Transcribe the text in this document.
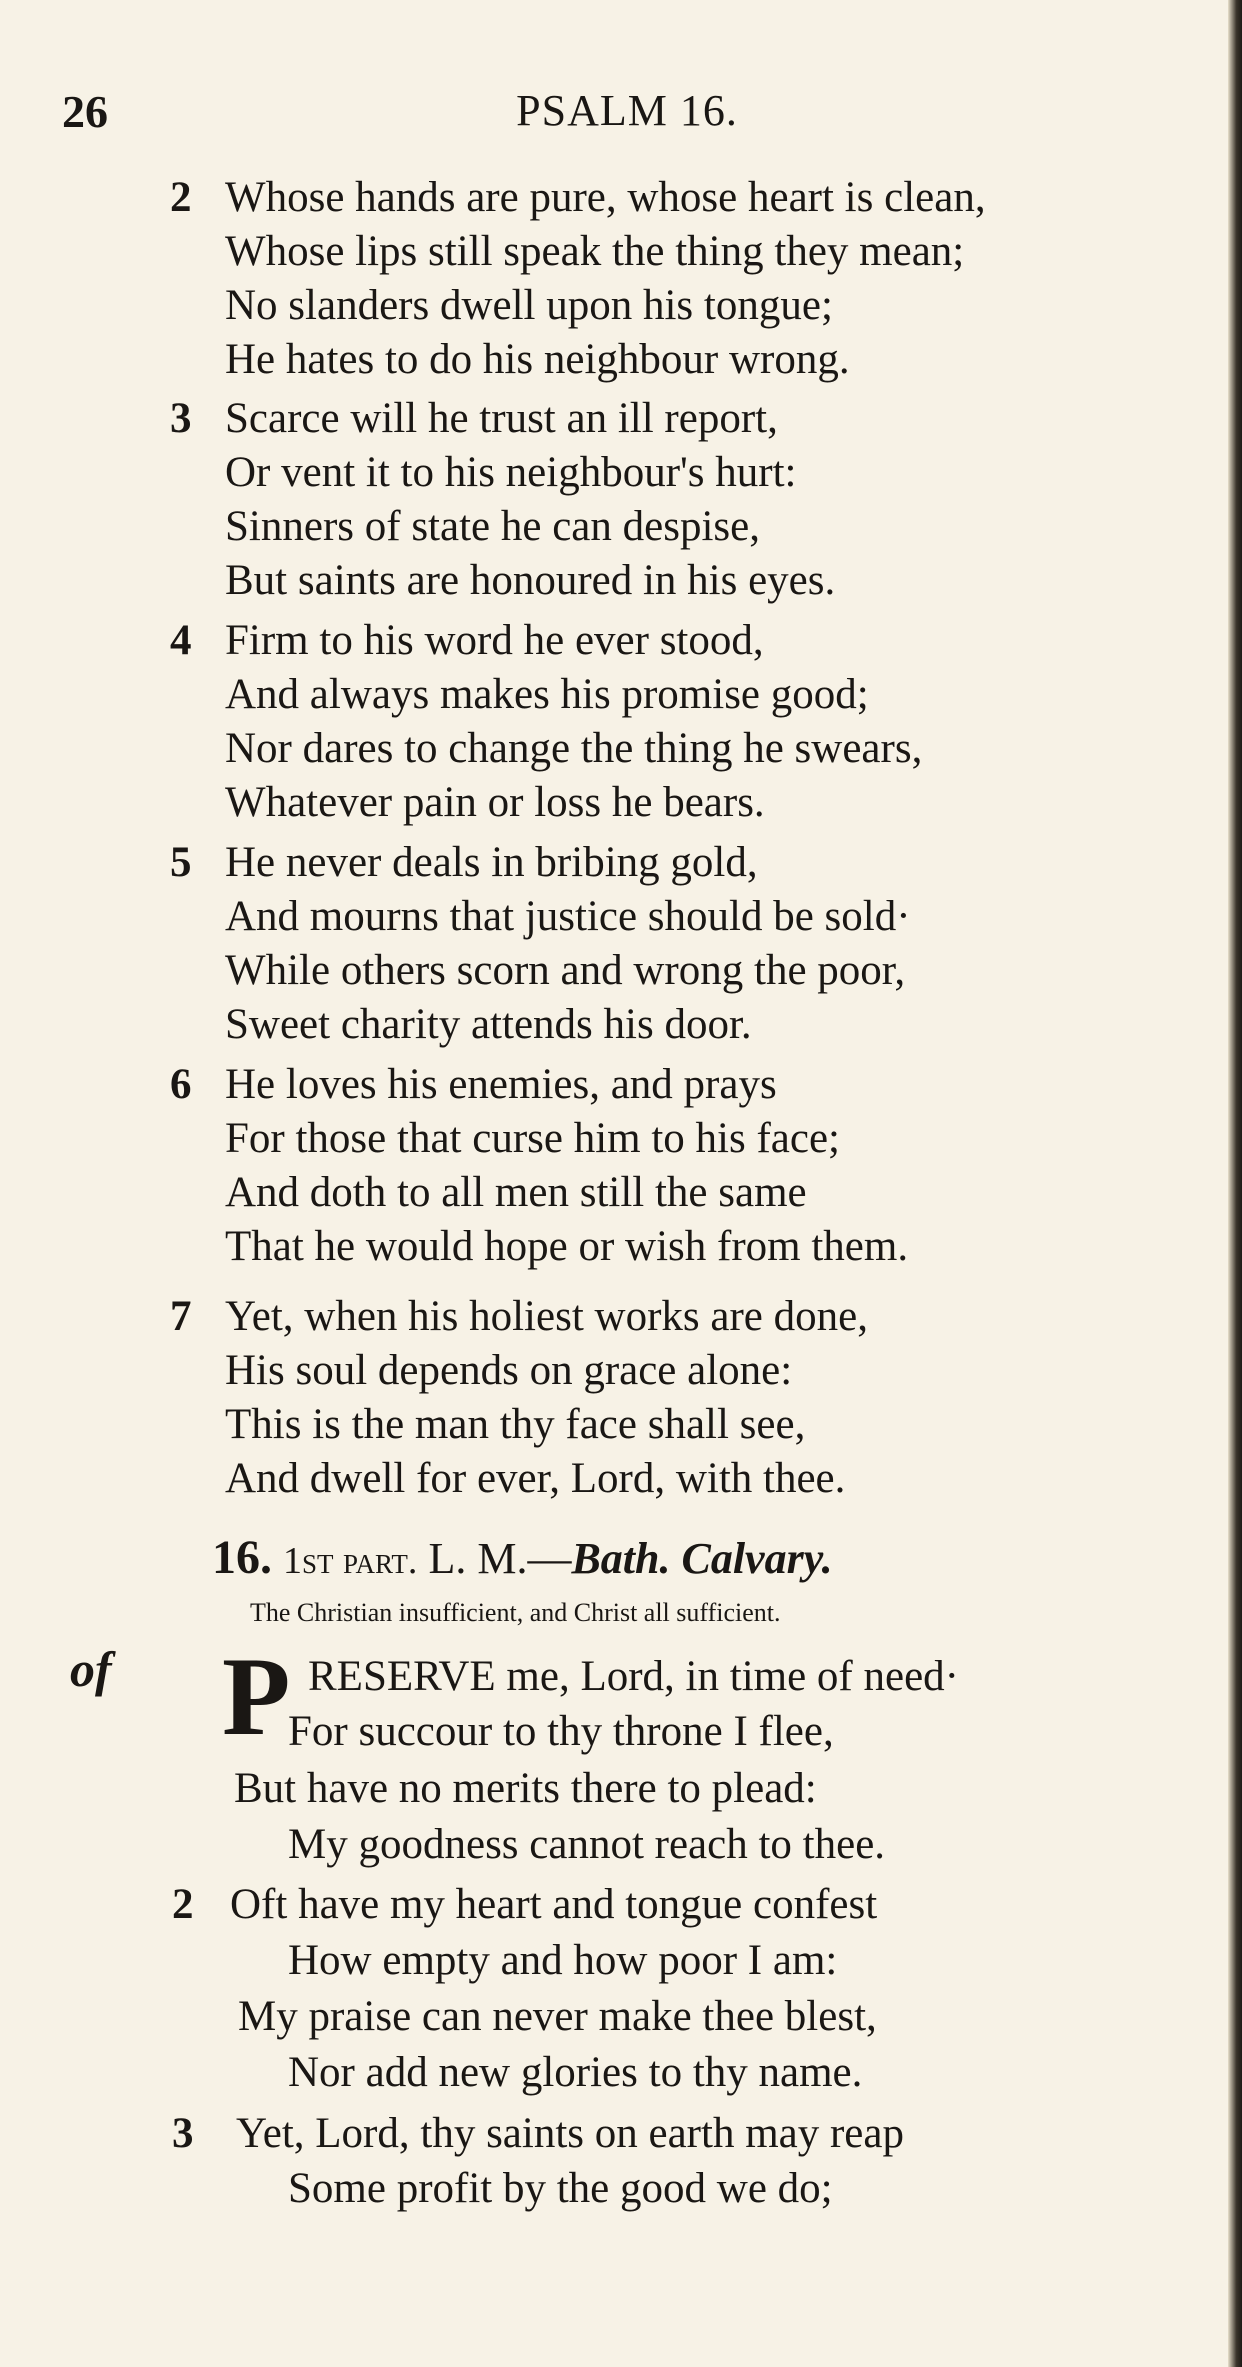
26	PSALM 16.
2 Whose hands are pure, whose heart is clean,
Whose lips still speak the thing they mean;
No slanders dwell upon his tongue;
He hates to do his neighbour wrong.
3 Scarce will he trust an ill report,
Or vent it to his neighbour's hurt:
Sinners of state he can despise,
But saints are honoured in his eyes.
4 Firm to his word he ever stood,
And always makes his promise good;
Nor dares to change the thing he swears,
Whatever pain or loss he bears.
5 He never deals in bribing gold,
And mourns that justice should be sold·
While others scorn and wrong the poor,
Sweet charity attends his door.
6 He loves his enemies, and prays
For those that curse him to his face;
And doth to all men still the same
That he would hope or wish from them.
7 Yet, when his holiest works are done,
His soul depends on grace alone:
This is the man thy face shall see,
And dwell for ever, Lord, with thee.
16. 1st part. L. M.—Bath. Calvary.
The Christian insufficient, and Christ all sufficient.
of P RESERVE me, Lord, in time of need·
For succour to thy throne I flee,
But have no merits there to plead:
My goodness cannot reach to thee.
2 Oft have my heart and tongue confest
How empty and how poor I am:
My praise can never make thee blest,
Nor add new glories to thy name.
3 Yet, Lord, thy saints on earth may reap
Some profit by the good we do;
